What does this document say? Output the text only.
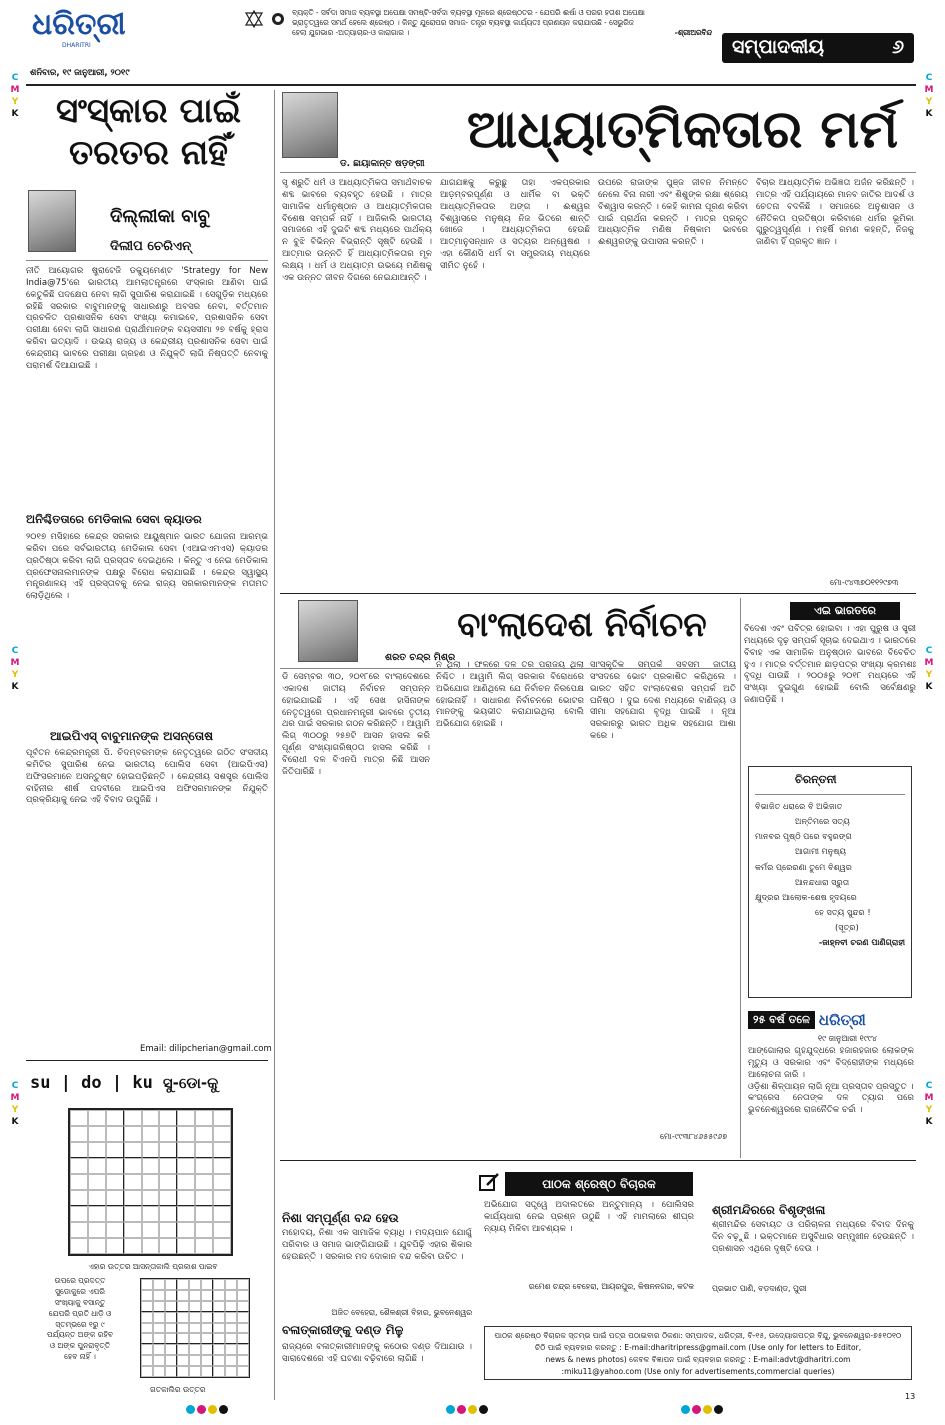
C
M
Y
K
C
M
Y
K
C
M
Y
K
C
M
Y
K
C
M
Y
K
C
M
Y
K
ଧରିତ୍ରୀ
DHARITRI
ଶନିବାର, ୧୯ ଜାନୁଆରୀ, ୨୦୧୯
ବ୍ୟକ୍ତି - ସର୍ବଦା ସମାଜ ବ୍ୟବସ୍ଥା ଅପେକ୍ଷା ସମଷ୍ଟି-ସର୍ବଦା ବ୍ୟବସ୍ଥା ମୂଳରେ ଶ୍ରେଷ୍ଠତର - ଯେପରି ଈର୍ଷା ଓ ପରର ହତାଶ ଅପେକ୍ଷା
ଭ୍ରାତୃତ୍ୱରେ ସମର୍ଥ ହେଲେ ଶ୍ରେଷ୍ଠ । କିନ୍ତୁ ଯୁରୋପର ସମାଜ- ତନ୍ତ୍ର ବ୍ୟବସ୍ଥା କାର୍ଯ୍ୟତଃ ପ୍ରଣୟନ କରାଯାଉଛି - ସେଭୁରିଜ
ହେଲା ଯୁଗଭାର -ଅତ୍ୟାଚାର-ଓ କାରାଗାର ।	-ଶ୍ରୀଅରବିନ୍ଦ
ସମ୍ପାଦକୀୟ	୬
ସଂସ୍କାର ପାଇଁ
ତରତର ନାହିଁ
ଦିଲ୍ଲୀକା ବାବୁ
ଦିଲୀପ ଚେରିଏନ୍
ନୀତି ଆୟୋଗର ଷ୍ଟ୍ରାଟେଜି ଡକ୍ୟୁମେଣ୍ଟ 'Strategy for New India@75'ରେ ଭାରତୀୟ ଆମଲାତନ୍ତ୍ରରେ ସଂସ୍କାର ଆଣିବା ପାଇଁ କେତୁକିଛି ପଦକ୍ଷେପ ନେବା ଲାଗି ସୁପାରିଶ କରାଯାଇଛି । ସେଗୁଡ଼ିକ ମଧ୍ୟରେ ରହିଛି ସରକାର ବାବୁମାନଙ୍କୁ ସାଧାରଣରୁ ଅବସର ନେବା, ବର୍ତ୍ତମାନ ପ୍ରଚଳିତ ପ୍ରଶାସନିକ ସେବା ସଂଖ୍ୟା କମାଇବେ, ପ୍ରଶାସନିକ ସେବା ପରୀକ୍ଷା ନେବା ଲାଗି ସାଧାରଣ ପ୍ରାର୍ଥୀମାନଙ୍କ ବୟସସୀମା ୨୭ ବର୍ଷକୁ ହ୍ରାସ କରିବା ଇତ୍ୟାଦି । ଉଭୟ ରାଜ୍ୟ ଓ କେନ୍ଦ୍ରୀୟ ପ୍ରଶାସନିକ ସେବା ପାଇଁ କେନ୍ଦ୍ରୀୟ ଭାବରେ ପରୀକ୍ଷା ଗ୍ରହଣ ଓ ନିଯୁକ୍ତି ଲାଗି ନିଷ୍ପତ୍ତି ନେବାକୁ ପରାମର୍ଶ ଦିଆଯାଇଛି ।
ଅନିଶ୍ଚିତତାରେ ମେଡିକାଲ ସେବା କ୍ୟାଡର
୨୦୧୭ ମସିହାରେ କେନ୍ଦ୍ର ସରକାର ଆୟୁଷ୍ମାନ ଭାରତ ଯୋଜନା ଆରମ୍ଭ କରିବା ପରେ ସର୍ବଭାରତୀୟ ମେଡିକାଲ ସେବା (ଏଆଇଏମଏସ) କ୍ୟାଡର ପ୍ରତିଷ୍ଠା କରିବା ଲାଗି ପ୍ରସ୍ତାବ ଦେଇଥିଲେ । କିନ୍ତୁ ଏ ନେଇ ମେଡିକାଲ ପ୍ରଫେସନାଲମାନଙ୍କ ପକ୍ଷରୁ ବିରୋଧ କରାଯାଇଛି । କେନ୍ଦ୍ର ସ୍ୱାସ୍ଥ୍ୟ ମନ୍ତ୍ରଣାଳୟ ଏହି ପ୍ରସ୍ତାବକୁ ନେଇ ରାଜ୍ୟ ସରକାରମାନଙ୍କ ମତାମତ ଲୋଡ଼ିଥିଲେ ।
ଆଇପିଏସ୍ ବାବୁମାନଙ୍କ ଅସନ୍ତୋଷ
ପୂର୍ବତନ କେନ୍ଦ୍ରମନ୍ତ୍ରୀ ପି. ଚିଦମ୍ବରମଙ୍କ ନେତୃତ୍ୱରେ ଗଠିତ ସଂସଦୀୟ କମିଟିର ସୁପାରିଶ ନେଇ ଭାରତୀୟ ପୋଲିସ ସେବା (ଆଇପିଏସ) ଅଫିସରମାନେ ଅସନ୍ତୁଷ୍ଟ ହୋଇପଡ଼ିଛନ୍ତି । କେନ୍ଦ୍ରୀୟ ସଶସ୍ତ୍ର ପୋଲିସ ବାହିନୀର ଶୀର୍ଷ ପଦବୀରେ ଆଇପିଏସ ଅଫିସରମାନଙ୍କ ନିଯୁକ୍ତି ପ୍ରକ୍ରିୟାକୁ ନେଇ ଏହି ବିବାଦ ଉପୁଜିଛି ।
Email: dilipcherian@gmail.com
su | do | ku ସୁ-ଡୋ-କୁ
ଏହାର ଉତ୍ତର ଆସନ୍ତାକାଲି ପ୍ରକାଶ ପାଇବ
ଉପରେ ପ୍ରଦତ୍ତ
ସୁଡୋକୁରେ ଏପରି
ସଂଖ୍ୟାକୁ ବସାନ୍ତୁ
ଯେପରି ପ୍ରତି ଧାଡ଼ି ଓ
ସ୍ତମ୍ଭରେ ୧ରୁ ୯
ପର୍ଯ୍ୟନ୍ତ ଅଙ୍କ ରହିବ
ଓ ଅଙ୍କ ପୁନରାବୃତ୍ତି
ହେବ ନାହିଁ ।
ଗତକାଲିର ଉତ୍ତର
ଡ. ଛାୟାକାନ୍ତ ଷଡ଼ଙ୍ଗୀ
ଆଧ୍ୟାତ୍ମିକତାର ମର୍ମ
ସୃ ଶ୍ରୁତି ଧର୍ମ ଓ ଆଧ୍ୟାତ୍ମିକତା ସମାର୍ଥବାଚକ ଶବ୍ଦ ଭାବରେ ବ୍ୟବହୃତ ହେଉଛି । ମାତ୍ର ସାମାଜିକ ଧର୍ମାନୁଷ୍ଠାନ ଓ ଆଧ୍ୟାତ୍ମିକତାର ବିଶେଷ ସମ୍ପର୍କ ନାହିଁ । ଆଜିକାଲି ଭାରତୀୟ ସମାଜରେ ଏହି ଦୁଇଟି ଶବ୍ଦ ମଧ୍ୟରେ ପାର୍ଥକ୍ୟ ନ ବୁଝି ବିଭିନ୍ନ ବିଭ୍ରାନ୍ତି ସୃଷ୍ଟି ହେଉଛି । ଆତ୍ମାର ଉନ୍ନତି ହିଁ ଆଧ୍ୟାତ୍ମିକତାର ମୂଳ ଲକ୍ଷ୍ୟ । ଧର୍ମ ଓ ଅଧ୍ୟାତ୍ମ ଉଭୟେ ମଣିଷକୁ ଏକ ଉନ୍ନତ ଜୀବନ ଦିଗରେ ନେଇଯାଆନ୍ତି ।
ଯାଗଯଜ୍ଞକୁ କରୁଛୁ ତାହା ଏକପ୍ରକାର ଆଡ଼ମ୍ବରପୂର୍ଣ୍ଣ ଓ ଧାର୍ମିକ ବା ଭକ୍ତି ଆଧ୍ୟାତ୍ମିକତାର ଅଙ୍ଗ । ଈଶ୍ୱର ବିଶ୍ୱାସରେ ମନୁଷ୍ୟ ନିଜ ଭିତରେ ଶାନ୍ତି ଖୋଜେ । ଆଧ୍ୟାତ୍ମିକତା ହେଉଛି ଆତ୍ମାନୁସନ୍ଧାନ ଓ ସତ୍ୟର ଅନ୍ୱେଷଣ । ଏହା କୌଣସି ଧର୍ମ ବା ସମ୍ପ୍ରଦାୟ ମଧ୍ୟରେ ସୀମିତ ନୁହେଁ ।
ଉପରେ ରାଜାଙ୍କ ପୁଞ୍ଜ ଜୀବନ ନିମନ୍ତେ ନେଲେ ବିନା ନାରୀ ଏବଂ ଶିଶୁଙ୍କ ରକ୍ଷା ଶ୍ରେୟ ବିଶ୍ୱାସ କରନ୍ତି । କେହି କାମନା ପୂରଣ କରିବା ପାଇଁ ପ୍ରାର୍ଥନା କରନ୍ତି । ମାତ୍ର ପ୍ରକୃତ ଆଧ୍ୟାତ୍ମିକ ମଣିଷ ନିଷ୍କାମ ଭାବରେ ଈଶ୍ୱରଙ୍କୁ ଉପାସନା କରନ୍ତି ।
ବିଚାର ଆଧ୍ୟାତ୍ମିକ ଅଭିଜ୍ଞତା ଅର୍ଜନ କରିଛନ୍ତି । ମାତ୍ର ଏହି ପର୍ଯ୍ୟାୟରେ ମାନବ ଜାତିର ଆଦର୍ଶ ଓ ଚେତନା ବଦଳିଛି । ସମାଜରେ ଅନୁଶାସନ ଓ ନୈତିକତା ପ୍ରତିଷ୍ଠା କରିବାରେ ଧର୍ମର ଭୂମିକା ଗୁରୁତ୍ୱପୂର୍ଣ୍ଣ । ମହର୍ଷି ରମଣ କହନ୍ତି, ନିଜକୁ ଜାଣିବା ହିଁ ପ୍ରକୃତ ଜ୍ଞାନ ।
ମୋ-୯୪୩୭୦୧୧୨୯୭୩
ଶରତ ଚନ୍ଦ୍ର ମିଶ୍ର
ବାଂଲାଦେଶ ନିର୍ବାଚନ
ଡି ସେମ୍ବର ୩୦, ୨୦୧୮ରେ ବାଂଲାଦେଶରେ ଏକାଦଶ ଜାତୀୟ ନିର୍ବାଚନ ସମ୍ପନ୍ନ ହୋଇଯାଇଛି । ଏହି ସେଖ ହାସିନାଙ୍କ ନେତୃତ୍ୱରେ ପ୍ରଧାନମନ୍ତ୍ରୀ ଭାବରେ ତୃତୀୟ ଥର ପାଇଁ ସରକାର ଗଠନ କରିଛନ୍ତି । ଆୱାମି ଲିଗ୍ ୩୦୦ରୁ ୨୫୭ଟି ଆସନ ହାସଲ କରି ପୂର୍ଣ୍ଣ ସଂଖ୍ୟାଗରିଷ୍ଠତା ହାସଲ କରିଛି । ବିରୋଧୀ ଦଳ ବିଏନପି ମାତ୍ର କିଛି ଆସନ ଜିତିପାରିଛି ।
ନ ଥିଲା । ଫଳରେ ଦଳ ତର ପରାଜୟ ଥିଲା ନିଶ୍ଚିତ । ଆୱାମି ଲିଗ୍ ସରକାର ବିରୋଧରେ ଅଭିଯୋଗ ଆଣିଥିଲେ ଯେ ନିର୍ବାଚନ ନିରପେକ୍ଷ ହୋଇନାହିଁ । ସାଧାରଣ ନିର୍ବାଚନରେ ଭୋଟର ମାନଙ୍କୁ ଭୟଭୀତ କରାଯାଇଥିଲା ବୋଲି ଅଭିଯୋଗ ହୋଇଛି ।
ସାଂସ୍କୃତିକ ସମ୍ପର୍କ ସବସମ ଜାତୀୟ ସଂସଦରେ ଭୋଟ ପ୍ରକାଶିତ କରିଥିଲେ । ଭାରତ ସହିତ ବାଂଲାଦେଶର ସମ୍ପର୍କ ଅତି ଘନିଷ୍ଠ । ଦୁଇ ଦେଶ ମଧ୍ୟରେ ବାଣିଜ୍ୟ ଓ ସୀମା ସହଯୋଗ ବୃଦ୍ଧି ପାଇଛି । ନୂଆ ସରକାରରୁ ଭାରତ ଅଧିକ ସହଯୋଗ ଆଶା କରେ ।
ମୋ-୯୯୩୮୪୬୫୫୯୬୭
ଏଇ ଭାରତରେ
ବିଦେଶ ଏବଂ ପବିତ୍ର ହୋଇବା । ଏହା ପୁରୁଷ ଓ ସ୍ତ୍ରୀ ମଧ୍ୟରେ ଦୃଢ଼ ସମ୍ପର୍କ ସୂଚାଇ ଦେଇଥାଏ । ଭାରତରେ ବିବାହ ଏକ ସାମାଜିକ ଅନୁଷ୍ଠାନ ଭାବରେ ବିବେଚିତ ହୁଏ । ମାତ୍ର ବର୍ତ୍ତମାନ ଛାଡ଼ପତ୍ର ସଂଖ୍ୟା କ୍ରମଶଃ ବୃଦ୍ଧି ପାଉଛି । ୨୦୦୫ରୁ ୨୦୧୮ ମଧ୍ୟରେ ଏହି ସଂଖ୍ୟା ଦୁଇଗୁଣ ହୋଇଛି ବୋଲି ସର୍ବେକ୍ଷଣରୁ ଜଣାପଡ଼ିଛି ।
ଚିରନ୍ତନୀ
ବିଭାଜିତ ଧରାରେ ବି ଅଭିଜାତ
ଅନ୍ତିମରେ ସତ୍ୟ
ମାନବର ପୃଷ୍ଠି ପରେ ବହୁରଙ୍ଗ
ଆଗାମୀ ମନୁଷ୍ୟ
କର୍ମର ପ୍ରେରଣା ତୁମେ ବିଶ୍ୱର
ଆନନ୍ଦଧାରା ସ୍ରୁତା
କ୍ଷୁଦ୍ରର ଆଲୋକ-ଶେଷ ହୃଦୟରେ
ହେ ସତ୍ୟ ସୁନ୍ଦର !
(ସୂତ୍ର)
-ଜାହ୍ନବୀ ଚରଣ ପାଣିଗ୍ରାହୀ
୨୫ ବର୍ଷ ତଳେ ଧରିତ୍ରୀ
୧୯ ଜାନୁଆରୀ ୧୯୯୪
ଆଙ୍ଗୋଲାର ଗୃହଯୁଦ୍ଧରେ ହଜାରହଜାର ଲୋକଙ୍କ ମୃତ୍ୟୁ ଓ ସରକାର ଏବଂ ବିଦ୍ରୋହୀଙ୍କ ମଧ୍ୟରେ ଆଲୋଚନା ଜାରି ।
ଓଡ଼ିଶା ଶିଳ୍ପାୟନ ଲାଗି ନୂଆ ପ୍ରସ୍ତାବ ପ୍ରସ୍ତୁତ ।
କଂଗ୍ରେସ ନେତାଙ୍କ ଦଳ ତ୍ୟାଗ ପରେ ଭୁବନେଶ୍ୱରରେ ରାଜନୈତିକ ଚର୍ଚ୍ଚା ।
ପାଠକ ଶ୍ରେଷ୍ଠ ବିଚାରକ
ନିଶା ସମ୍ପୂର୍ଣ୍ଣ ବନ୍ଦ ହେଉ
ମହୋଦୟ, ନିଶା ଏକ ସାମାଜିକ ବ୍ୟାଧି । ମଦ୍ୟପାନ ଯୋଗୁଁ ପରିବାର ଓ ସମାଜ ଭାଙ୍ଗିଯାଉଛି । ଯୁବପିଢ଼ି ଏହାର ଶିକାର ହେଉଛନ୍ତି । ସରକାର ମଦ ଦୋକାନ ବନ୍ଦ କରିବା ଉଚିତ ।
ଅଜିତ ବେହେରା, ଶୈଳଶ୍ରୀ ବିହାର, ଭୁବନେଶ୍ୱର
ବଳାତ୍କାରୀଙ୍କୁ ଦଣ୍ଡ ମିଳୁ
ରାଜ୍ୟରେ ବଳାତ୍କାରୀମାନଙ୍କୁ କଠୋର ଦଣ୍ଡ ଦିଆଯାଉ । ସାରାଦେଶରେ ଏହି ଘଟଣା ବଢ଼ିବାରେ ଲାଗିଛି ।
ଅଭିଯୋଗ ସତ୍ତ୍ୱେ ଅଦାଲତରେ ଅନ୍ତୁମାନ୍ୟ । ପୋଲିସର କାର୍ଯ୍ୟଧାରା ନେଇ ପ୍ରଶ୍ନ ଉଠୁଛି । ଏହି ମାମଲାରେ ଶୀଘ୍ର ନ୍ୟାୟ ମିଳିବା ଆବଶ୍ୟକ ।
ରମେଶ ଚନ୍ଦ୍ର ବେହେରା, ଆୟରପୁର, କିଷନନଗର, କଟକ
ଶ୍ରୀମନ୍ଦିରରେ ବିଶୃଙ୍ଖଳା
ଶ୍ରୀମନ୍ଦିର ସେବାୟତ ଓ ପରିଚାଳନା ମଧ୍ୟରେ ବିବାଦ ଦିନକୁ ଦିନ ବଢ଼ୁଛି । ଭକ୍ତମାନେ ଅସୁବିଧାର ସମ୍ମୁଖୀନ ହେଉଛନ୍ତି । ପ୍ରଶାସନ ଏଥିରେ ଦୃଷ୍ଟି ଦେଉ ।
ପ୍ରଭାତ ପାଣି, ବଡ଼ଦାଣ୍ଡ, ପୁରୀ
ପାଠକ ଶ୍ରେଷ୍ଠ ବିଚାରକ ସ୍ତମ୍ଭ ପାଇଁ ପତ୍ର ପଠାଇବାର ଠିକଣା: ସମ୍ପାଦକ, ଧରିତ୍ରୀ, ବି-୧୫, ଉଦ୍ୟୋଗପତ୍ର ବିନ୍ଦୁ, ଭୁବନେଶ୍ୱର-୭୫୧୦୧୦
ଚିଠି ପାଇଁ ବ୍ୟବହାର କରନ୍ତୁ : E-mail:dharitripress@gmail.com (Use only for letters to Editor,
news & news photos) କେବଳ ବିଜ୍ଞାପନ ପାଇଁ ବ୍ୟବହାର କରନ୍ତୁ : E-mail:advt@dharitri.com
:miku11@yahoo.com (Use only for advertisements,commercial queries)
13
